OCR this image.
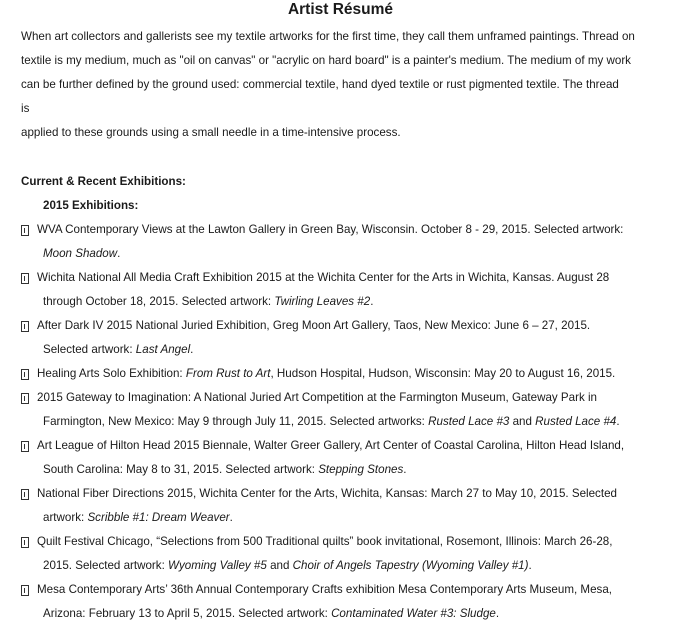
Artist Résumé
When art collectors and gallerists see my textile artworks for the first time, they call them unframed paintings. Thread on
textile is my medium, much as "oil on canvas" or "acrylic on hard board" is a painter's medium. The medium of my work
can be further defined by the ground used: commercial textile, hand dyed textile or rust pigmented textile. The thread
is
applied to these grounds using a small needle in a time-intensive process.
Current & Recent Exhibitions:
2015 Exhibitions:
WVA Contemporary Views at the Lawton Gallery in Green Bay, Wisconsin. October 8 - 29, 2015. Selected artwork:
Moon Shadow.
Wichita National All Media Craft Exhibition 2015 at the Wichita Center for the Arts in Wichita, Kansas. August 28
through October 18, 2015. Selected artwork: Twirling Leaves #2.
After Dark IV 2015 National Juried Exhibition, Greg Moon Art Gallery, Taos, New Mexico: June 6 – 27, 2015.
Selected artwork: Last Angel.
Healing Arts Solo Exhibition: From Rust to Art, Hudson Hospital, Hudson, Wisconsin: May 20 to August 16, 2015.
2015 Gateway to Imagination: A National Juried Art Competition at the Farmington Museum, Gateway Park in
Farmington, New Mexico: May 9 through July 11, 2015. Selected artworks: Rusted Lace #3 and Rusted Lace #4.
Art League of Hilton Head 2015 Biennale, Walter Greer Gallery, Art Center of Coastal Carolina, Hilton Head Island,
South Carolina: May 8 to 31, 2015. Selected artwork: Stepping Stones.
National Fiber Directions 2015, Wichita Center for the Arts, Wichita, Kansas: March 27 to May 10, 2015. Selected
artwork: Scribble #1: Dream Weaver.
Quilt Festival Chicago, “Selections from 500 Traditional quilts” book invitational, Rosemont, Illinois: March 26-28,
2015. Selected artwork: Wyoming Valley #5 and Choir of Angels Tapestry (Wyoming Valley #1).
Mesa Contemporary Arts’ 36th Annual Contemporary Crafts exhibition Mesa Contemporary Arts Museum, Mesa,
Arizona: February 13 to April 5, 2015. Selected artwork: Contaminated Water #3: Sludge.
